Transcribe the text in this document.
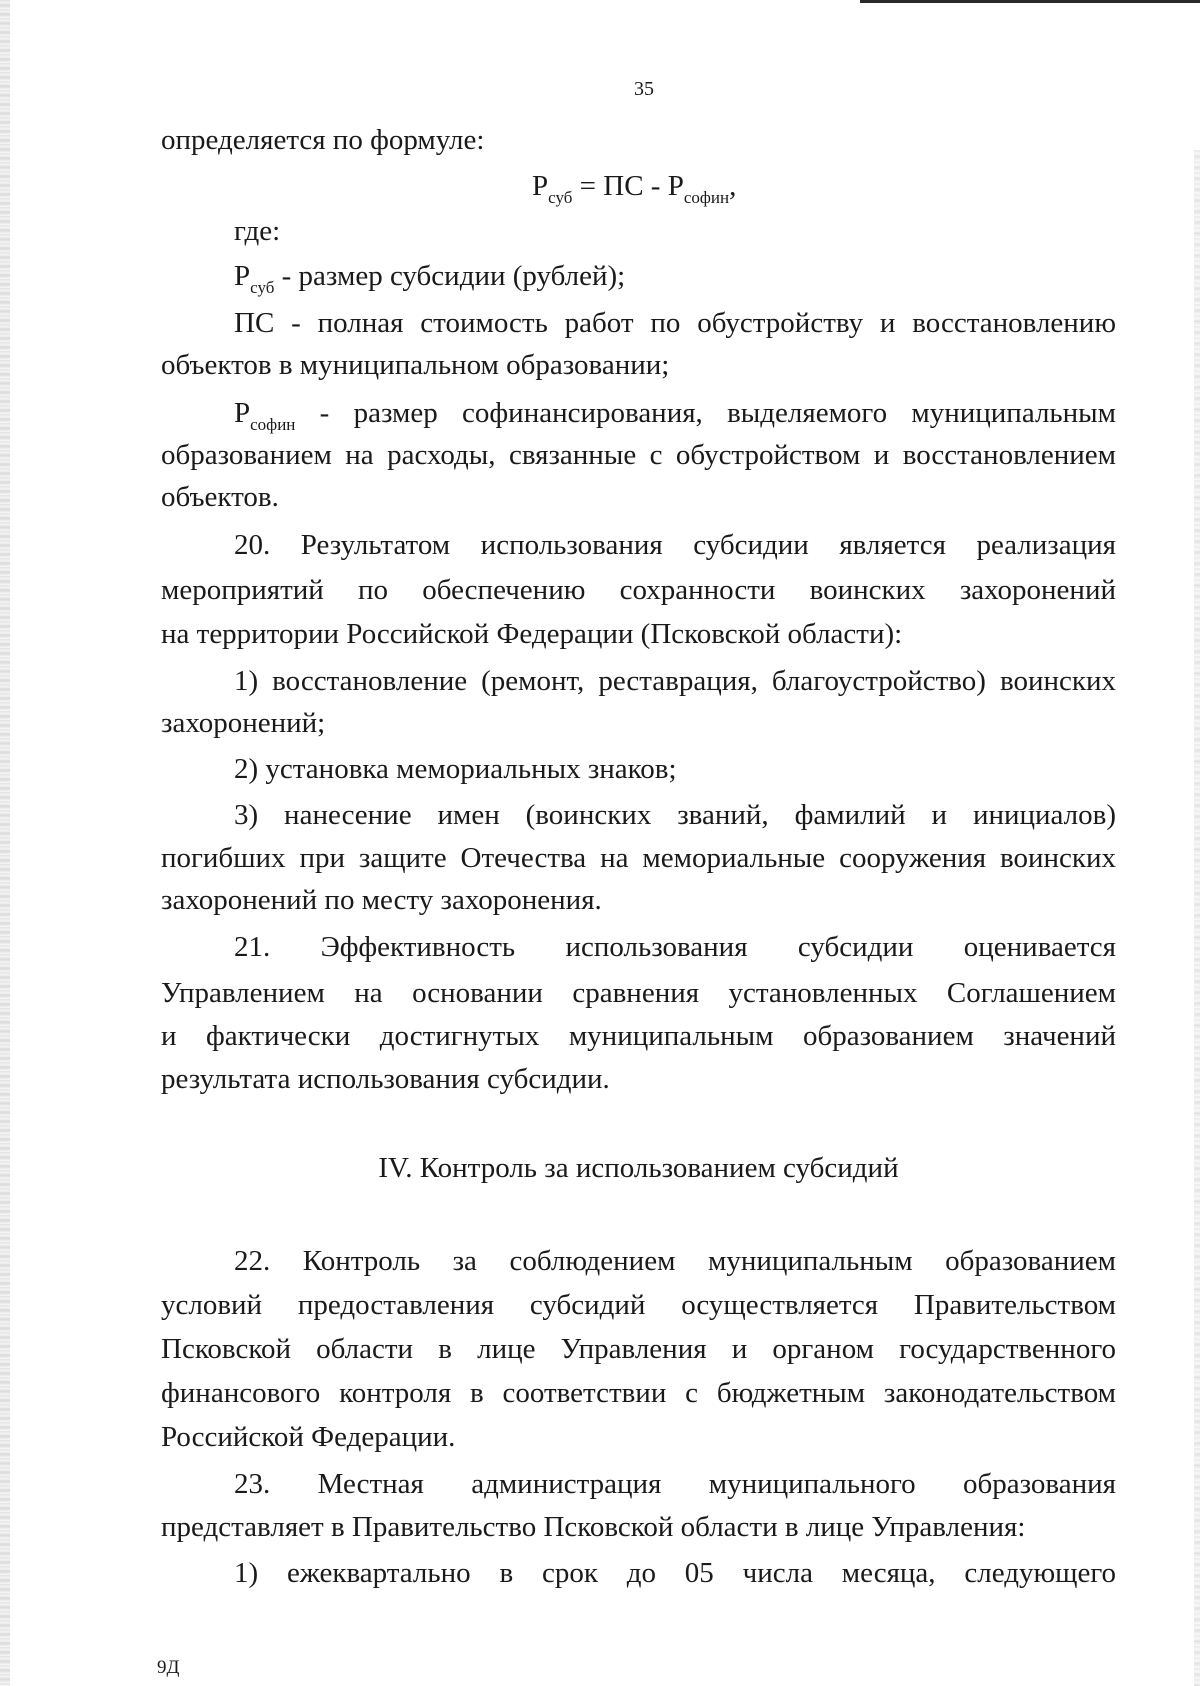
35
определяется по формуле:
$P_{суб}$ = ПС - $P_{софин}$,
где:
$P_{суб}$ - размер субсидии (рублей);
ПС - полная стоимость работ по обустройству и восстановлению
объектов в муниципальном образовании;
$P_{софин}$ - размер софинансирования, выделяемого муниципальным
образованием на расходы, связанные с обустройством и восстановлением
объектов.
20. Результатом использования субсидии является реализация
мероприятий по обеспечению сохранности воинских захоронений
на территории Российской Федерации (Псковской области):
1) восстановление (ремонт, реставрация, благоустройство) воинских
захоронений;
2) установка мемориальных знаков;
3) нанесение имен (воинских званий, фамилий и инициалов)
погибших при защите Отечества на мемориальные сооружения воинских
захоронений по месту захоронения.
21. Эффективность использования субсидии оценивается
Управлением на основании сравнения установленных Соглашением
и фактически достигнутых муниципальным образованием значений
результата использования субсидии.
IV. Контроль за использованием субсидий
22. Контроль за соблюдением муниципальным образованием
условий предоставления субсидий осуществляется Правительством
Псковской области в лице Управления и органом государственного
финансового контроля в соответствии с бюджетным законодательством
Российской Федерации.
23. Местная администрация муниципального образования
представляет в Правительство Псковской области в лице Управления:
1) ежеквартально в срок до 05 числа месяца, следующего
9Д
